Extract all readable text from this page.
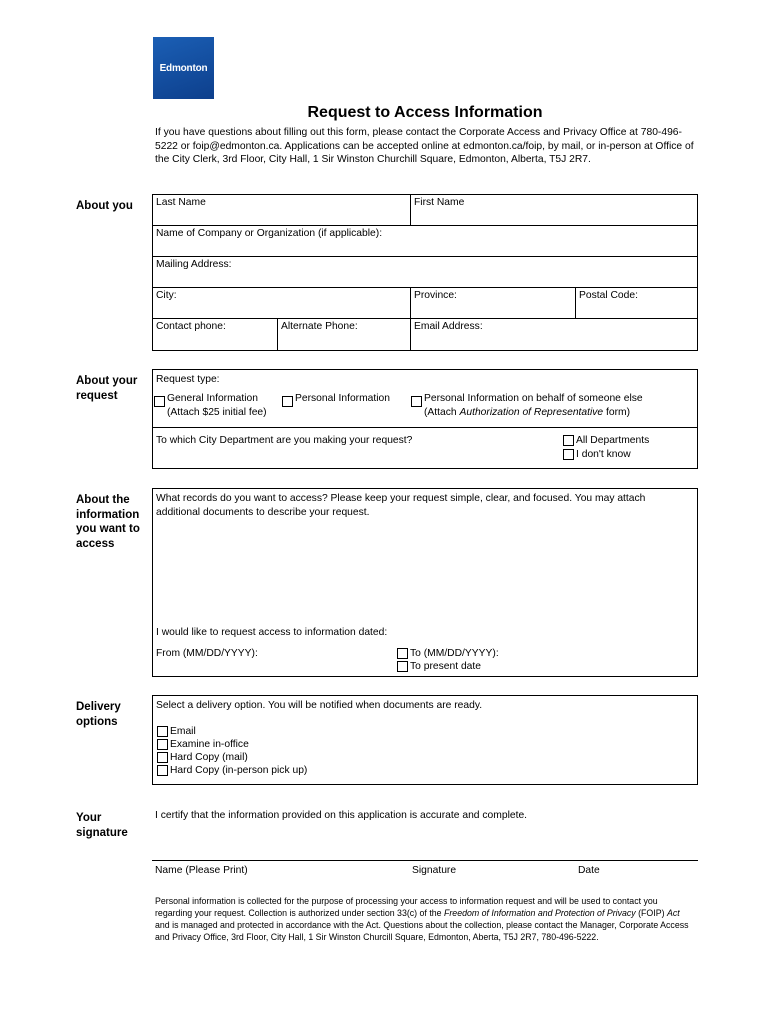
Edmonton
Request to Access Information
If you have questions about filling out this form, please contact the Corporate Access and Privacy Office at 780-496-5222 or foip@edmonton.ca. Applications can be accepted online at edmonton.ca/foip, by mail, or in-person at Office of the City Clerk, 3rd Floor, City Hall, 1 Sir Winston Churchill Square, Edmonton, Alberta, T5J 2R7.
About you	Last Name	First Name
Name of Company or Organization (if applicable):
Mailing Address:
City:	Province:	Postal Code:
Contact phone:	Alternate Phone:	Email Address:
About your
request
Request type:
General Information
(Attach $25 initial fee)
Personal Information	Personal Information on behalf of someone else
(Attach Authorization of Representative form)
To which City Department are you making your request?	All Departments
I don't know
About the
information
you want to
access
What records do you want to access? Please keep your request simple, clear, and focused. You may attach additional documents to describe your request.
I would like to request access to information dated:
From (MM/DD/YYYY):	To (MM/DD/YYYY):
To present date
Delivery
options
Select a delivery option. You will be notified when documents are ready.
Email
Examine in-office
Hard Copy (mail)
Hard Copy (in-person pick up)
Your
signature
I certify that the information provided on this application is accurate and complete.
Name (Please Print)	Signature	Date
Personal information is collected for the purpose of processing your access to information request and will be used to contact you regarding your request. Collection is authorized under section 33(c) of the Freedom of Information and Protection of Privacy (FOIP) Act and is managed and protected in accordance with the Act. Questions about the collection, please contact the Manager, Corporate Access and Privacy Office, 3rd Floor, City Hall, 1 Sir Winston Churcill Square, Edmonton, Aberta, T5J 2R7, 780-496-5222.
